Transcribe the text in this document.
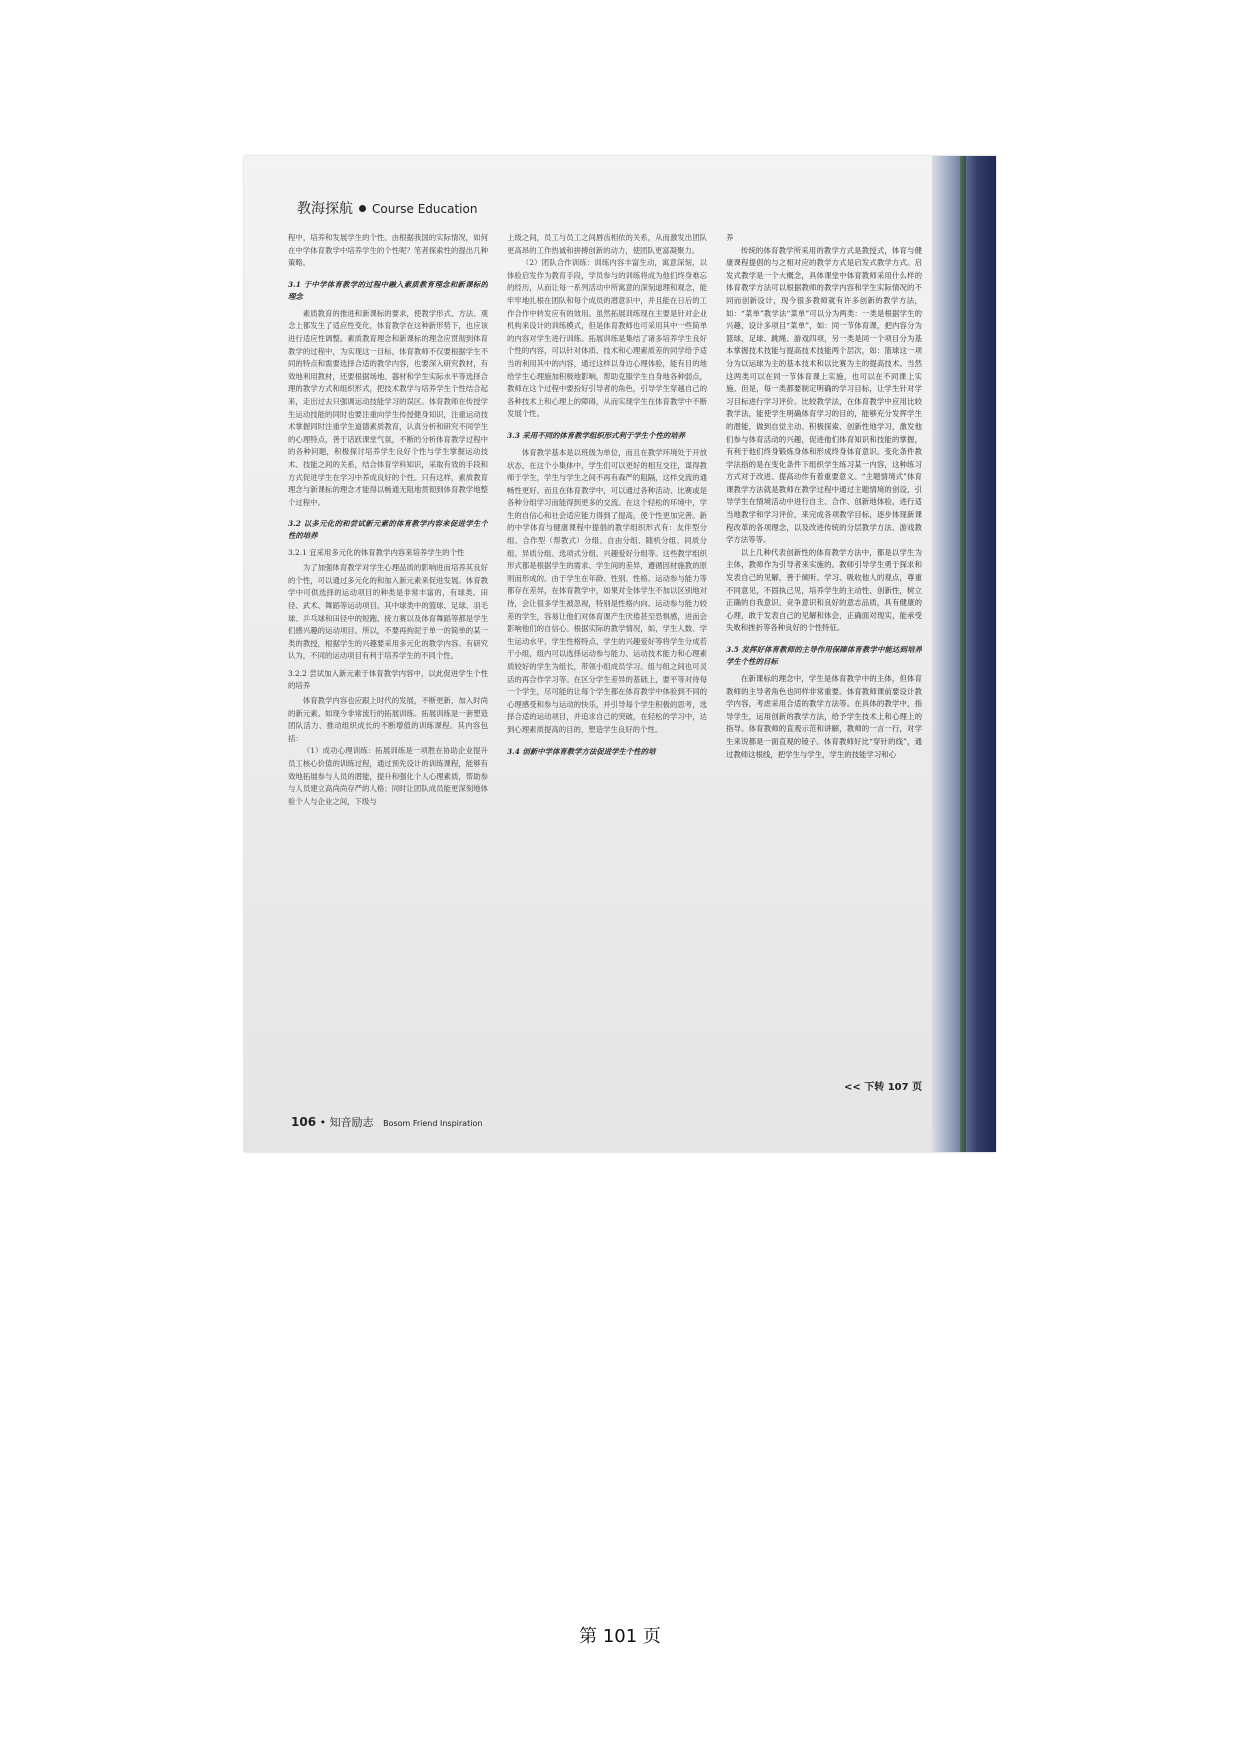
教海探航 Course Education

程中，培养和发展学生的个性。由根据我国的实际情况，如何在中学体育教学中培养学生的个性呢？笔者探索性的提出几种策略。

3.1 于中学体育教学的过程中融入素质教育理念和新课标的理念

素质教育的推进和新课标的要求，使教学形式、方法、观念上都发生了适应性变化，体育教学在这种新形势下，也应该进行适应性调整。素质教育理念和新课标的理念应贯彻到体育教学的过程中，为实现这一目标，体育教师不仅要根据学生不同的特点和需要选择合适的教学内容，也要深入研究教材，有效地利用教材，还要根据场地、器材和学生实际水平等选择合理的教学方式和组织形式，把技术教学与培养学生个性结合起来，走出过去只强调运动技能学习的误区。体育教师在传授学生运动技能的同时也要注重向学生传授健身知识，注重运动技术掌握同时注重学生道德素质教育，认真分析和研究不同学生的心理特点，善于话跃课堂气氛，不断的分析体育教学过程中的各种问题，积极探讨培养学生良好个性与学生掌握运动技术、技能之间的关系，结合体育学科知识，采取有效的手段和方式促进学生在学习中养成良好的个性。只有这样，素质教育理念与新课标的理念才能得以畅通无阻地贯彻到体育教学地整个过程中。

3.2 以多元化的和尝试新元素的体育教学内容来促进学生个性的培养
3.2.1 宜采用多元化的体育教学内容来培养学生的个性

为了加强体育教学对学生心理品质的影响进而培养其良好的个性，可以通过多元化的和加入新元素来促进发展。体育教学中可供选择的运动项目的种类是非常丰富的，有球类、田径、武术、舞蹈等运动项目。其中球类中的篮球、足球、羽毛球、乒乓球和田径中的短跑、接力赛以及体育舞蹈等都是学生们感兴趣的运动项目。所以，不要再拘泥于单一的简单的某一类的教授，根据学生的兴趣要采用多元化的教学内容。有研究认为，不同的运动项目有利于培养学生的不同个性。

3.2.2 尝试加入新元素于体育教学内容中，以此促进学生个性的培养

体育教学内容也应跟上时代的发展，不断更新，加入时尚的新元素。如现今非常流行的拓展训练。拓展训练是一套塑造团队活力、推动组织成长的不断增值的训练课程。其内容包括：

（1）成功心理训练：拓展训练是一项胜在协助企业提升员工核心价值的训练过程，通过预先设计的训练课程，能够有效地拓展参与人员的潜能，提升和强化个人心理素质，帮助参与人员建立高尚尚存严的人格；同时让团队成员能更深刻地体验个人与企业之间，下级与

上级之间，员工与员工之间唇齿相依的关系，从而激发出团队更高昂的工作热诚和拼搏创新的动力，使团队更富凝聚力。

（2）团队合作训练：训练内容丰富生动，寓意深刻，以体验启发作为教育手段，学员参与的训练将成为他们终身难忘的经历，从而让每一系列活动中所寓意的深刻道理和观念，能牢牢地扎根在团队和每个成员的潜意识中，并且能在日后的工作合作中转发应有的效用。虽然拓展训练现在主要是针对企业机构来设计的训练模式，但是体育教师也可采用其中一些简单的内容对学生进行训练。拓展训练是集结了诸多培养学生良好个性的内容，可以针对体质、技术和心理素质差的同学给予适当的利用其中的内容，通过这样以身边心理体验，能有目的地给学生心理施加积极地影响，帮助克服学生自身地各种弱点，教师在这个过程中要扮好引导者的角色，引导学生穿越自己的各种技术上和心理上的障碍，从而实现学生在体育教学中不断发展个性。

3.3 采用不同的体育教学组织形式利于学生个性的培养

体育教学基本是以班级为单位，而且在教学环境处于开放状态，在这个小集体中，学生们可以更好的相互交往，谋得教师于学生，学生与学生之间不再有森严的阻隔，这样交流的通畅性更好。而且在体育教学中，可以通过各种活动、比赛或是各种分组学习而能得到更多的交流。在这个轻松的环境中，学生的自信心和社会适应能力得到了提高，使个性更加完善。新的中学体育与健康课程中提倡的教学组织形式有：友伴型分组、合作型（帮教式）分组、自由分组、随机分组、同质分组、异质分组、选项式分组、兴趣爱好分组等。这些教学组织形式都是根据学生的需求、学生间的差异，遵循因材施教的原则而形成的。由于学生在年龄、性别、性格、运动参与能力等都存在差异，在体育教学中，如果对全体学生不加以区别地对待，会让很多学生被忽视，特别是性格内向、运动参与能力较差的学生，容易让他们对体育课产生厌倦甚至恐惧感，进而会影响他们的自信心。根据实际的教学情况，如，学生人数、学生运动水平、学生性格特点、学生的兴趣爱好等将学生分成若干小组，组内可以选择运动参与能力、运动技术能力和心理素质较好的学生为组长，带领小组成员学习。组与组之间也可灵活的再合作学习等。在区分学生差异的基础上，要平等对待每一个学生，尽可能的让每个学生都在体育教学中体验到不同的心理感受和参与运动的快乐，并引导每个学生积极的思考，选择合适的运动项目，并追求自己的突破，在轻松的学习中，达到心理素质提高的目的，塑造学生良好的个性。

3.4 创新中学体育教学方法促进学生个性的培

养

传统的体育教学所采用的教学方式是教授式，体育与健康课程提倡的与之相对应的教学方式是启发式教学方式。启发式教学是一个大概念，具体课堂中体育教师采用什么样的体育教学方法可以根据教师的教学内容和学生实际情况的不同而创新设计，现今很多教师就有许多创新的教学方法，如：“菜单”教学法“菜单”可以分为两类：一类是根据学生的兴趣，设计多项目“菜单”，如：同一节体育课，把内容分为篮球、足球、跳绳、游戏四项，另一类是同一个项目分为基本掌握技术技能与提高技术技能两个层次，如：篮球这一项分为以运球为主的基本技术和以比赛为主的提高技术。当然这两类可以在同一节体育课上实施，也可以在不同课上实施。但是，每一类都要制定明确的学习目标，让学生针对学习目标进行学习评价。比较教学法，在体育教学中应用比较教学法，能使学生明确体育学习的目的，能够充分发挥学生的潜能，做到自觉主动、积极探索、创新性地学习，激发他们参与体育活动的兴趣，促进他们体育知识和技能的掌握，有利于他们终身锻炼身体和形成终身体育意识。变化条件教学法指的是在变化条件下组织学生练习某一内容，这种练习方式对于改进、提高动作有着重要意义。“主题情境式”体育课教学方法就是教师在教学过程中通过主题情境的创设，引导学生在情境活动中进行自主、合作、创新地体验，进行适当地教学和学习评价，来完成各项教学目标，逐步体现新课程改革的各项理念，以及改进传统的分层教学方法、游戏教学方法等等。

以上几种代表创新性的体育教学方法中，都是以学生为主体，教师作为引导者来实施的。教师引导学生勇于探求和发表自己的见解，善于倾听、学习、吸收他人的观点，尊重不同意见，不固执己见，培养学生的主动性、创新性，树立正确的自我意识、竞争意识和良好的意志品质，具有健康的心理，敢于发表自己的见解和体会，正确面对现实，能承受失败和挫折等各种良好的个性特征。

3.5 发挥好体育教师的主导作用保障体育教学中能达到培养学生个性的目标

在新课标的理念中，学生是体育教学中的主体，但体育教师的主导者角色也同样非常重要。体育教师课前要设计教学内容，考虑采用合适的教学方法等。在具体的教学中，指导学生，运用创新的教学方法，给予学生技术上和心理上的指导。体育教师的直观示范和讲解，教师的一言一行，对学生来说都是一面直观的镜子。体育教师好比“穿针的线”，通过教师这根线，把学生与学生，学生的技能学习和心

<< 下转 107 页
106 • 知音励志 Bosom Friend Inspiration
第 101 页
